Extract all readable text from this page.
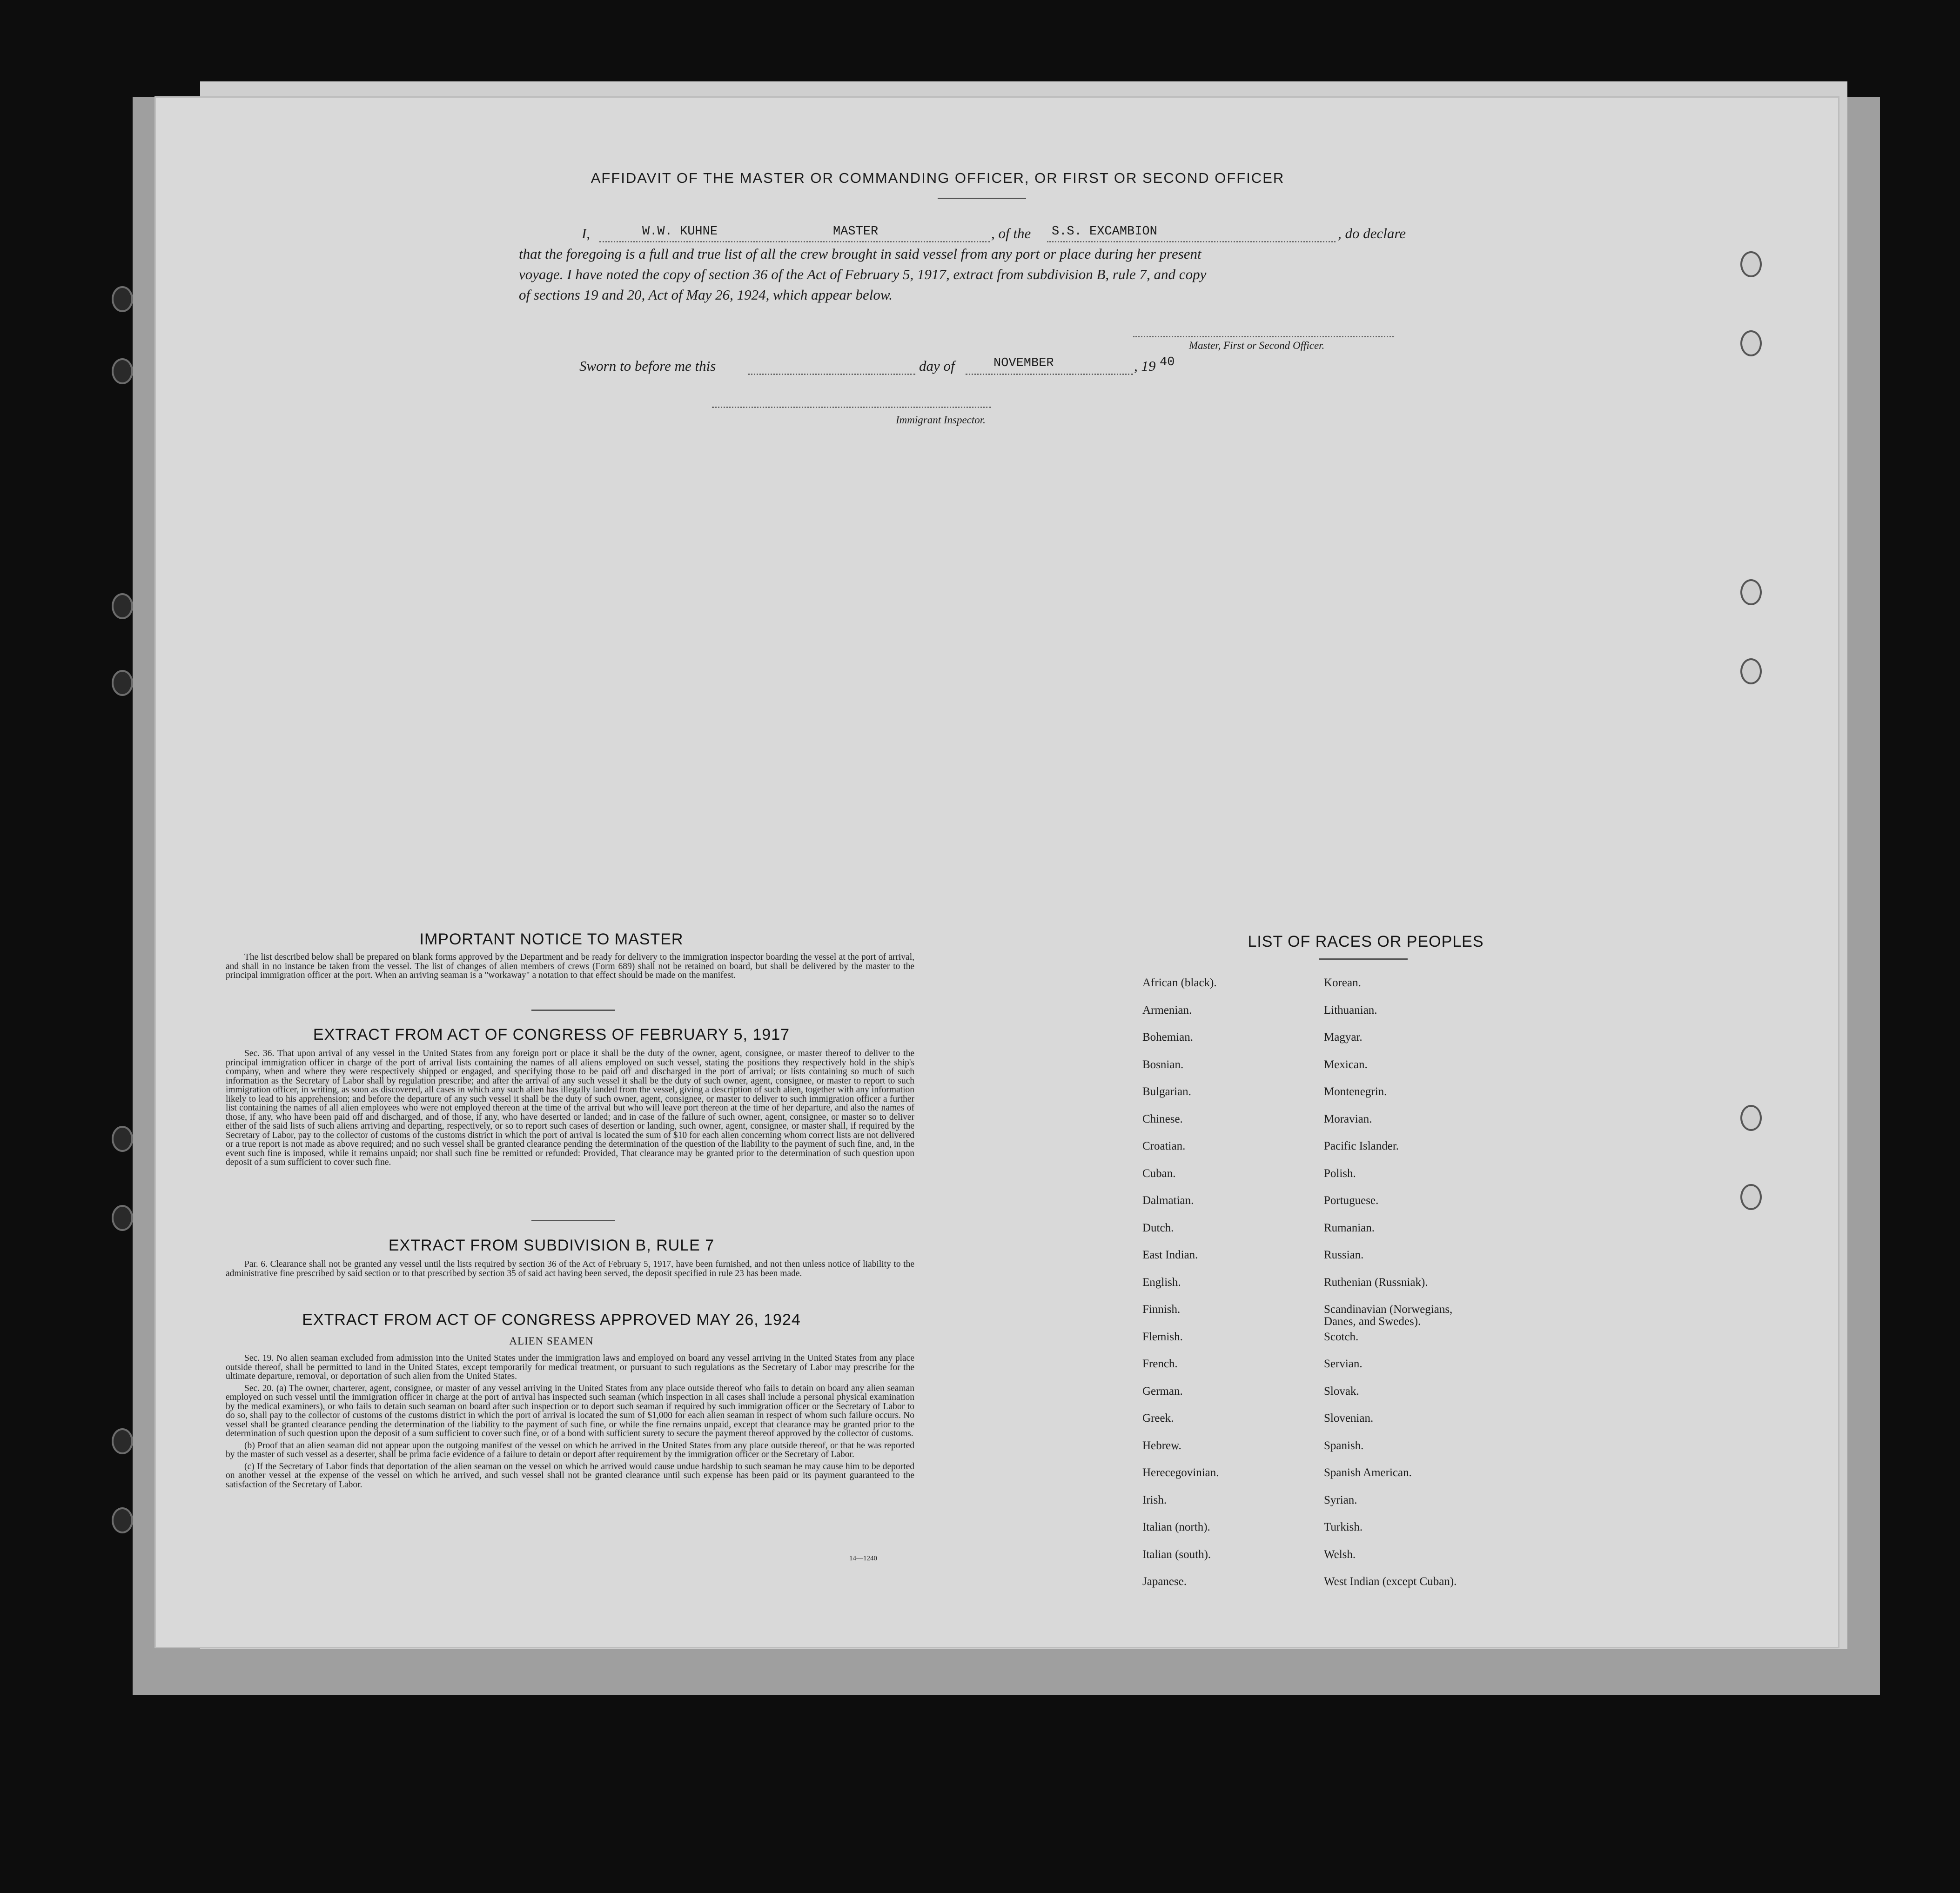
AFFIDAVIT OF THE MASTER OR COMMANDING OFFICER, OR FIRST OR SECOND OFFICER
I,	W.W. KUHNE	MASTER	, of the S.S. EXCAMBION	, do declare
that the foregoing is a full and true list of all the crew brought in said vessel from any port or place during her present
voyage. I have noted the copy of section 36 of the Act of February 5, 1917, extract from subdivision B, rule 7, and copy
of sections 19 and 20, Act of May 26, 1924, which appear below.
Master, First or Second Officer.
Sworn to before me this	day of	NOVEMBER	, 19 40
Immigrant Inspector.
IMPORTANT NOTICE TO MASTER

The list described below shall be prepared on blank forms approved by the Department and be ready for delivery to the immigration inspector boarding the vessel at the port of arrival, and shall in no instance be taken from the vessel. The list of changes of alien members of crews (Form 689) shall not be retained on board, but shall be delivered by the master to the principal immigration officer at the port. When an arriving seaman is a "workaway" a notation to that effect should be made on the manifest.

EXTRACT FROM ACT OF CONGRESS OF FEBRUARY 5, 1917

Sec. 36. That upon arrival of any vessel in the United States from any foreign port or place it shall be the duty of the owner, agent, consignee, or master thereof to deliver to the principal immigration officer in charge of the port of arrival lists containing the names of all aliens employed on such vessel, stating the positions they respectively hold in the ship's company, when and where they were respectively shipped or engaged, and specifying those to be paid off and discharged in the port of arrival; or lists containing so much of such information as the Secretary of Labor shall by regulation prescribe; and after the arrival of any such vessel it shall be the duty of such owner, agent, consignee, or master to report to such immigration officer, in writing, as soon as discovered, all cases in which any such alien has illegally landed from the vessel, giving a description of such alien, together with any information likely to lead to his apprehension; and before the departure of any such vessel it shall be the duty of such owner, agent, consignee, or master to deliver to such immigration officer a further list containing the names of all alien employees who were not employed thereon at the time of the arrival but who will leave port thereon at the time of her departure, and also the names of those, if any, who have been paid off and discharged, and of those, if any, who have deserted or landed; and in case of the failure of such owner, agent, consignee, or master so to deliver either of the said lists of such aliens arriving and departing, respectively, or so to report such cases of desertion or landing, such owner, agent, consignee, or master shall, if required by the Secretary of Labor, pay to the collector of customs of the customs district in which the port of arrival is located the sum of $10 for each alien concerning whom correct lists are not delivered or a true report is not made as above required; and no such vessel shall be granted clearance pending the determination of the question of the liability to the payment of such fine, and, in the event such fine is imposed, while it remains unpaid; nor shall such fine be remitted or refunded: Provided, That clearance may be granted prior to the determination of such question upon deposit of a sum sufficient to cover such fine.

EXTRACT FROM SUBDIVISION B, RULE 7

Par. 6. Clearance shall not be granted any vessel until the lists required by section 36 of the Act of February 5, 1917, have been furnished, and not then unless notice of liability to the administrative fine prescribed by said section or to that prescribed by section 35 of said act having been served, the deposit specified in rule 23 has been made.

EXTRACT FROM ACT OF CONGRESS APPROVED MAY 26, 1924
ALIEN SEAMEN

Sec. 19. No alien seaman excluded from admission into the United States under the immigration laws and employed on board any vessel arriving in the United States from any place outside thereof, shall be permitted to land in the United States, except temporarily for medical treatment, or pursuant to such regulations as the Secretary of Labor may prescribe for the ultimate departure, removal, or deportation of such alien from the United States.

Sec. 20. (a) The owner, charterer, agent, consignee, or master of any vessel arriving in the United States from any place outside thereof who fails to detain on board any alien seaman employed on such vessel until the immigration officer in charge at the port of arrival has inspected such seaman (which inspection in all cases shall include a personal physical examination by the medical examiners), or who fails to detain such seaman on board after such inspection or to deport such seaman if required by such immigration officer or the Secretary of Labor to do so, shall pay to the collector of customs of the customs district in which the port of arrival is located the sum of $1,000 for each alien seaman in respect of whom such failure occurs. No vessel shall be granted clearance pending the determination of the liability to the payment of such fine, or while the fine remains unpaid, except that clearance may be granted prior to the determination of such question upon the deposit of a sum sufficient to cover such fine, or of a bond with sufficient surety to secure the payment thereof approved by the collector of customs.

(b) Proof that an alien seaman did not appear upon the outgoing manifest of the vessel on which he arrived in the United States from any place outside thereof, or that he was reported by the master of such vessel as a deserter, shall be prima facie evidence of a failure to detain or deport after requirement by the immigration officer or the Secretary of Labor.

(c) If the Secretary of Labor finds that deportation of the alien seaman on the vessel on which he arrived would cause undue hardship to such seaman he may cause him to be deported on another vessel at the expense of the vessel on which he arrived, and such vessel shall not be granted clearance until such expense has been paid or its payment guaranteed to the satisfaction of the Secretary of Labor.

14—1240
LIST OF RACES OR PEOPLES
African (black).
Armenian.
Bohemian.
Bosnian.
Bulgarian.
Chinese.
Croatian.
Cuban.
Dalmatian.
Dutch.
East Indian.
English.
Finnish.
Flemish.
French.
German.
Greek.
Hebrew.
Herecegovinian.
Irish.
Italian (north).
Italian (south).
Japanese.
Korean.
Lithuanian.
Magyar.
Mexican.
Montenegrin.
Moravian.
Pacific Islander.
Polish.
Portuguese.
Rumanian.
Russian.
Ruthenian (Russniak).
Scandinavian (Norwegians,
Danes, and Swedes).
Scotch.
Servian.
Slovak.
Slovenian.
Spanish.
Spanish American.
Syrian.
Turkish.
Welsh.
West Indian (except Cuban).
